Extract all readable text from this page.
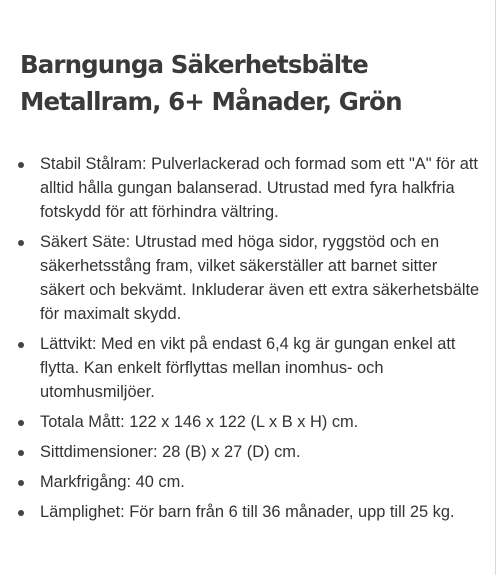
Barngunga Säkerhetsbälte
Metallram, 6+ Månader, Grön
Stabil Stålram: Pulverlackerad och formad som ett "A" för att alltid hålla gungan balanserad. Utrustad med fyra halkfria fotskydd för att förhindra vältring.
Säkert Säte: Utrustad med höga sidor, ryggstöd och en säkerhetsstång fram, vilket säkerställer att barnet sitter säkert och bekvämt. Inkluderar även ett extra säkerhetsbälte för maximalt skydd.
Lättvikt: Med en vikt på endast 6,4 kg är gungan enkel att flytta. Kan enkelt förflyttas mellan inomhus- och utomhusmiljöer.
Totala Mått: 122 x 146 x 122 (L x B x H) cm.
Sittdimensioner: 28 (B) x 27 (D) cm.
Markfrigång: 40 cm.
Lämplighet: För barn från 6 till 36 månader, upp till 25 kg.
